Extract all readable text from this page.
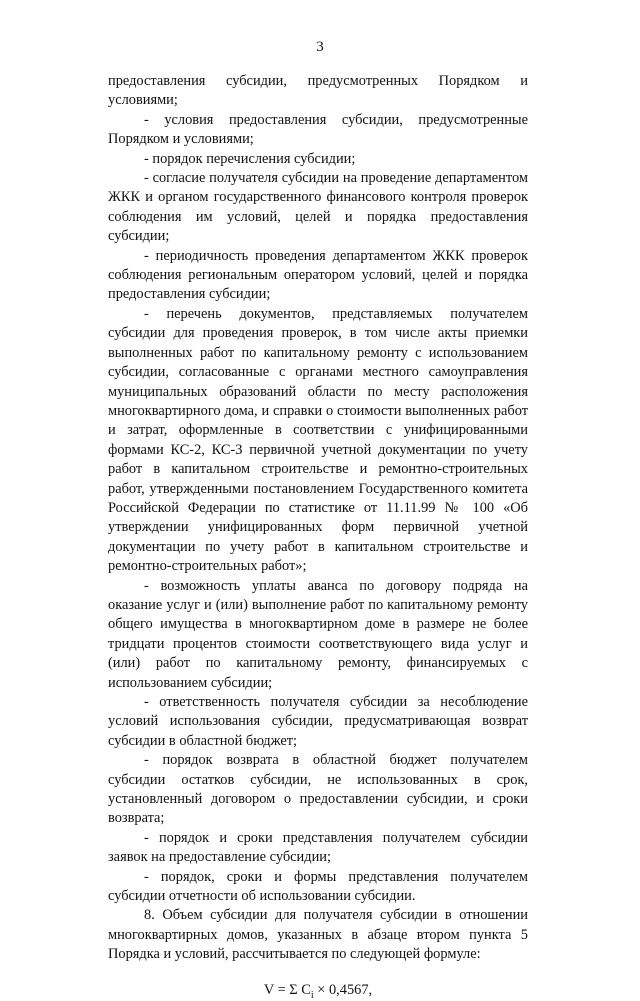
3

предоставления субсидии, предусмотренных Порядком и условиями;

- условия предоставления субсидии, предусмотренные Порядком и условиями;

- порядок перечисления субсидии;

- согласие получателя субсидии на проведение департаментом ЖКК и органом государственного финансового контроля проверок соблюдения им условий, целей и порядка предоставления субсидии;

- периодичность проведения департаментом ЖКК проверок соблюдения региональным оператором условий, целей и порядка предоставления субсидии;

- перечень документов, представляемых получателем субсидии для проведения проверок, в том числе акты приемки выполненных работ по капитальному ремонту с использованием субсидии, согласованные с органами местного самоуправления муниципальных образований области по месту расположения многоквартирного дома, и справки о стоимости выполненных работ и затрат, оформленные в соответствии с унифицированными формами КС-2, КС-3 первичной учетной документации по учету работ в капитальном строительстве и ремонтно-строительных работ, утвержденными постановлением Государственного комитета Российской Федерации по статистике от 11.11.99 № 100 «Об утверждении унифицированных форм первичной учетной документации по учету работ в капитальном строительстве и ремонтно-строительных работ»;

- возможность уплаты аванса по договору подряда на оказание услуг и (или) выполнение работ по капитальному ремонту общего имущества в многоквартирном доме в размере не более тридцати процентов стоимости соответствующего вида услуг и (или) работ по капитальному ремонту, финансируемых с использованием субсидии;

- ответственность получателя субсидии за несоблюдение условий использования субсидии, предусматривающая возврат субсидии в областной бюджет;

- порядок возврата в областной бюджет получателем субсидии остатков субсидии, не использованных в срок, установленный договором о предоставлении субсидии, и сроки возврата;

- порядок и сроки представления получателем субсидии заявок на предоставление субсидии;

- порядок, сроки и формы представления получателем субсидии отчетности об использовании субсидии.

8. Объем субсидии для получателя субсидии в отношении многоквартирных домов, указанных в абзаце втором пункта 5 Порядка и условий, рассчитывается по следующей формуле:

V = Σ $C_i \times 0,4567$,
